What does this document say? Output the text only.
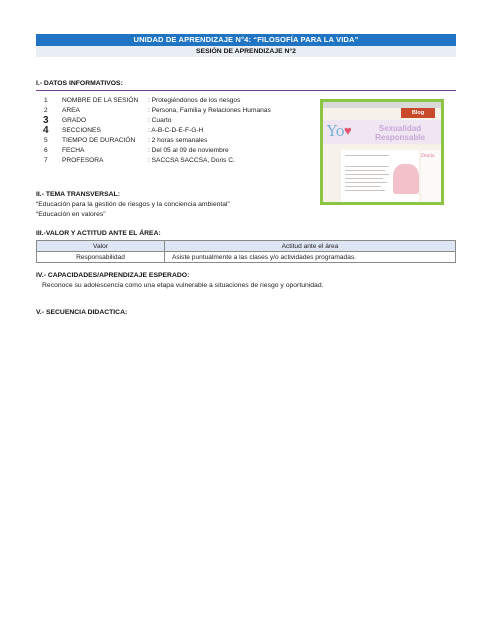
UNIDAD DE APRENDIZAJE N°4: “FILOSOFÍA PARA LA VIDA”
SESIÓN DE APRENDIZAJE N°2
I.- DATOS INFORMATIVOS:
1	NOMBRE DE LA SESIÓN : Protegiéndonos de los riesgos
2	AREA	: Persona, Familia y Relaciones Humanas
3	GRADO	: Cuarto
4	SECCIONES	: A-B-C-D-E-F-G-H
5	TIEMPO DE DURACIÓN : 2 horas semanales
6	FECHA	: Del 05 al 09 de noviembre
7	PROFESORA	: SACCSA SACCSA, Doris C.
Blog
Yo ♥	Sexualidad
Responsable
Doris
II.- TEMA TRANSVERSAL:
“Educación para la gestión de riesgos y la conciencia ambiental”
“Educación en valores”
III.-VALOR Y ACTITUD ANTE EL ÁREA:
Valor	Actitud ante el área
Responsabilidad	Asiste puntualmente a las clases y/o actividades programadas.
IV.- CAPACIDADES/APRENDIZAJE ESPERADO:
Reconoce su adolescencia como una etapa vulnerable a situaciones de riesgo y oportunidad.
V.- SECUENCIA DIDACTICA:
